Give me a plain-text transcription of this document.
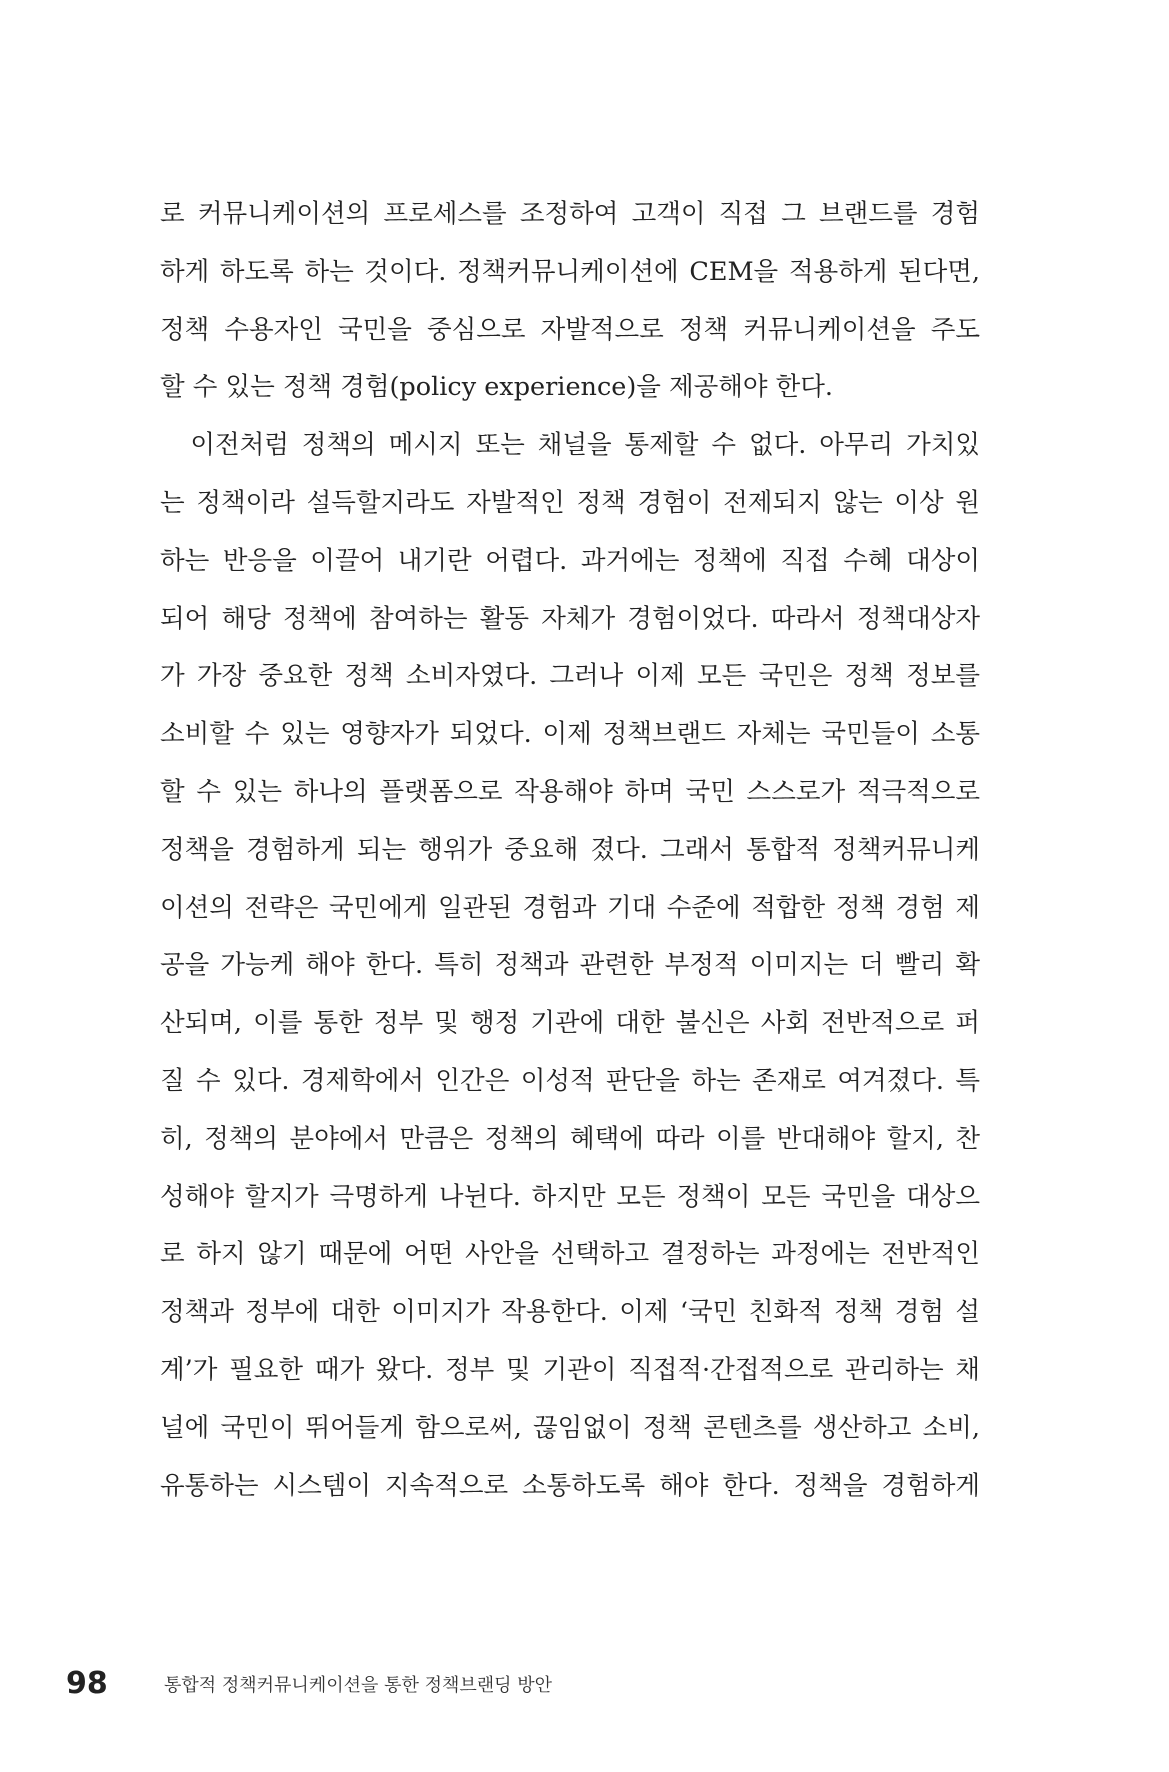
로 커뮤니케이션의 프로세스를 조정하여 고객이 직접 그 브랜드를 경험
하게 하도록 하는 것이다. 정책커뮤니케이션에 CEM을 적용하게 된다면,
정책 수용자인 국민을 중심으로 자발적으로 정책 커뮤니케이션을 주도
할 수 있는 정책 경험(policy experience)을 제공해야 한다.
　이전처럼 정책의 메시지 또는 채널을 통제할 수 없다. 아무리 가치있
는 정책이라 설득할지라도 자발적인 정책 경험이 전제되지 않는 이상 원
하는 반응을 이끌어 내기란 어렵다. 과거에는 정책에 직접 수혜 대상이
되어 해당 정책에 참여하는 활동 자체가 경험이었다. 따라서 정책대상자
가 가장 중요한 정책 소비자였다. 그러나 이제 모든 국민은 정책 정보를
소비할 수 있는 영향자가 되었다. 이제 정책브랜드 자체는 국민들이 소통
할 수 있는 하나의 플랫폼으로 작용해야 하며 국민 스스로가 적극적으로
정책을 경험하게 되는 행위가 중요해 졌다. 그래서 통합적 정책커뮤니케
이션의 전략은 국민에게 일관된 경험과 기대 수준에 적합한 정책 경험 제
공을 가능케 해야 한다. 특히 정책과 관련한 부정적 이미지는 더 빨리 확
산되며, 이를 통한 정부 및 행정 기관에 대한 불신은 사회 전반적으로 퍼
질 수 있다. 경제학에서 인간은 이성적 판단을 하는 존재로 여겨졌다. 특
히, 정책의 분야에서 만큼은 정책의 혜택에 따라 이를 반대해야 할지, 찬
성해야 할지가 극명하게 나뉜다. 하지만 모든 정책이 모든 국민을 대상으
로 하지 않기 때문에 어떤 사안을 선택하고 결정하는 과정에는 전반적인
정책과 정부에 대한 이미지가 작용한다. 이제 ‘국민 친화적 정책 경험 설
계’가 필요한 때가 왔다. 정부 및 기관이 직접적·간접적으로 관리하는 채
널에 국민이 뛰어들게 함으로써, 끊임없이 정책 콘텐츠를 생산하고 소비,
유통하는 시스템이 지속적으로 소통하도록 해야 한다. 정책을 경험하게
98	통합적 정책커뮤니케이션을 통한 정책브랜딩 방안
